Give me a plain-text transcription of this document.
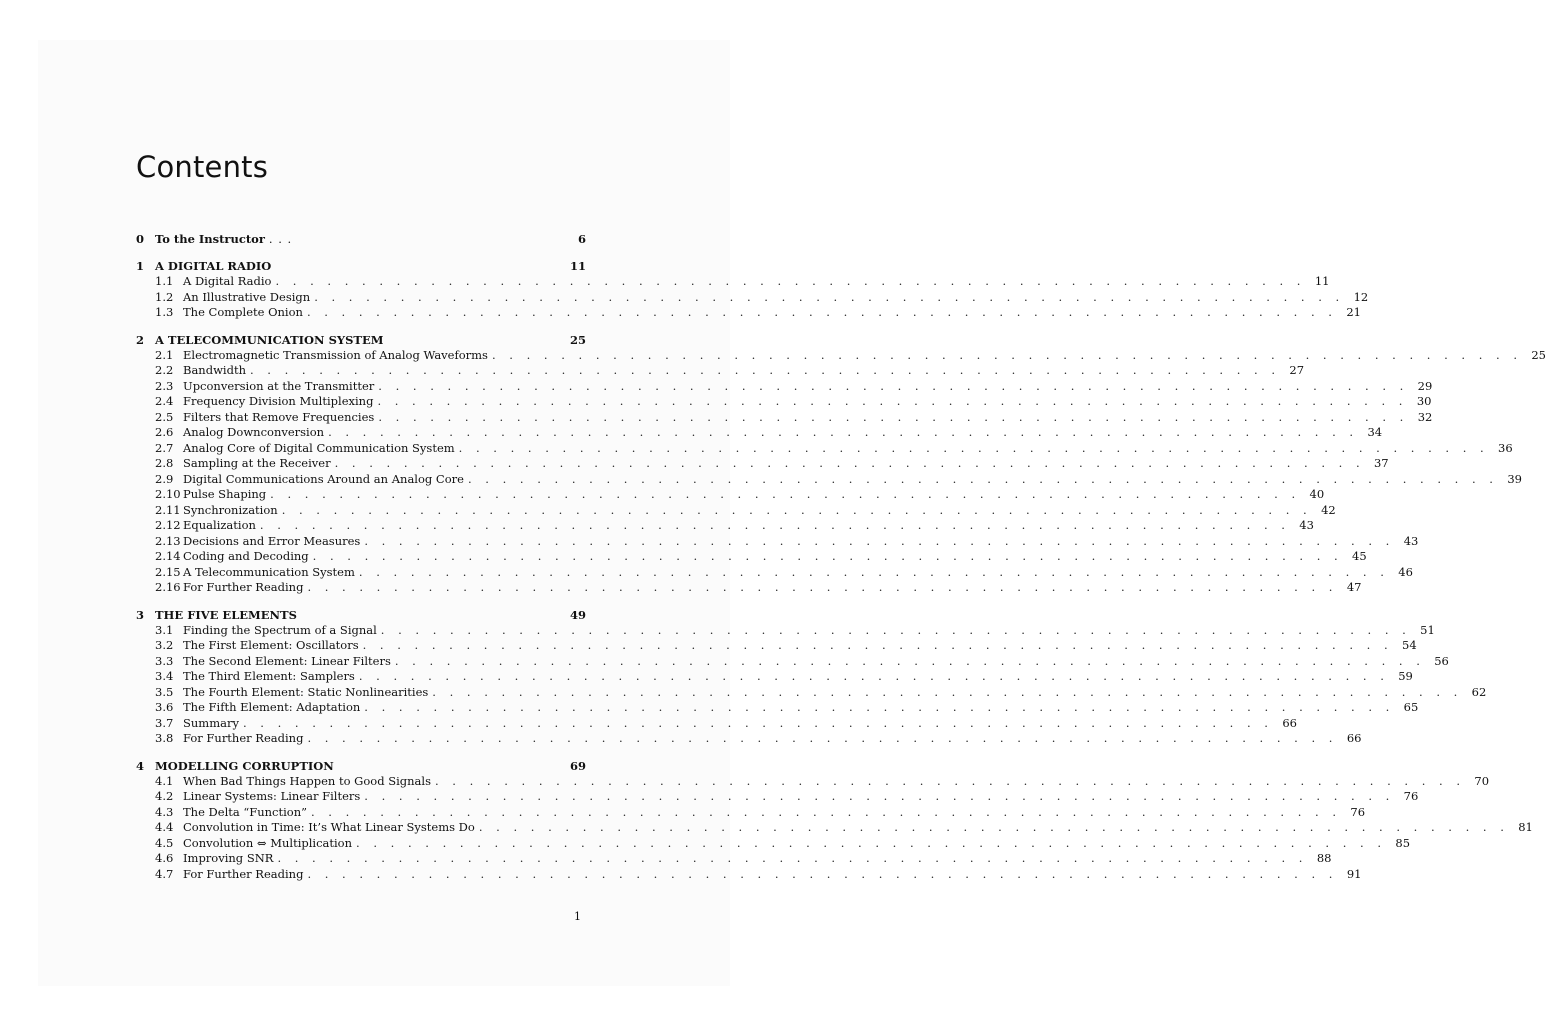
Contents
0 To the Instructor . . .	6
1 A DIGITAL RADIO	11
1.1 A Digital Radio . . . . . . . . . . . . . . . . . . . . . . . . . . . . . . . . . . . . . . . . . . . . . . . . . . . . . . . . . . . . 11
1.2 An Illustrative Design . . . . . . . . . . . . . . . . . . . . . . . . . . . . . . . . . . . . . . . . . . . . . . . . . . . . . . . . . . . . 12
1.3 The Complete Onion . . . . . . . . . . . . . . . . . . . . . . . . . . . . . . . . . . . . . . . . . . . . . . . . . . . . . . . . . . . . 21
2 A TELECOMMUNICATION SYSTEM	25
2.1 Electromagnetic Transmission of Analog Waveforms . . . . . . . . . . . . . . . . . . . . . . . . . . . . . . . . . . . . . . . . . . . . . . . . . . . . . . . . . . . . 25
2.2 Bandwidth . . . . . . . . . . . . . . . . . . . . . . . . . . . . . . . . . . . . . . . . . . . . . . . . . . . . . . . . . . . . 27
2.3 Upconversion at the Transmitter . . . . . . . . . . . . . . . . . . . . . . . . . . . . . . . . . . . . . . . . . . . . . . . . . . . . . . . . . . . . 29
2.4 Frequency Division Multiplexing . . . . . . . . . . . . . . . . . . . . . . . . . . . . . . . . . . . . . . . . . . . . . . . . . . . . . . . . . . . . 30
2.5 Filters that Remove Frequencies . . . . . . . . . . . . . . . . . . . . . . . . . . . . . . . . . . . . . . . . . . . . . . . . . . . . . . . . . . . . 32
2.6 Analog Downconversion . . . . . . . . . . . . . . . . . . . . . . . . . . . . . . . . . . . . . . . . . . . . . . . . . . . . . . . . . . . . 34
2.7 Analog Core of Digital Communication System . . . . . . . . . . . . . . . . . . . . . . . . . . . . . . . . . . . . . . . . . . . . . . . . . . . . . . . . . . . . 36
2.8 Sampling at the Receiver . . . . . . . . . . . . . . . . . . . . . . . . . . . . . . . . . . . . . . . . . . . . . . . . . . . . . . . . . . . . 37
2.9 Digital Communications Around an Analog Core . . . . . . . . . . . . . . . . . . . . . . . . . . . . . . . . . . . . . . . . . . . . . . . . . . . . . . . . . . . . 39
2.10 Pulse Shaping . . . . . . . . . . . . . . . . . . . . . . . . . . . . . . . . . . . . . . . . . . . . . . . . . . . . . . . . . . . . 40
2.11 Synchronization . . . . . . . . . . . . . . . . . . . . . . . . . . . . . . . . . . . . . . . . . . . . . . . . . . . . . . . . . . . . 42
2.12 Equalization . . . . . . . . . . . . . . . . . . . . . . . . . . . . . . . . . . . . . . . . . . . . . . . . . . . . . . . . . . . . 43
2.13 Decisions and Error Measures . . . . . . . . . . . . . . . . . . . . . . . . . . . . . . . . . . . . . . . . . . . . . . . . . . . . . . . . . . . . 43
2.14 Coding and Decoding . . . . . . . . . . . . . . . . . . . . . . . . . . . . . . . . . . . . . . . . . . . . . . . . . . . . . . . . . . . . 45
2.15 A Telecommunication System . . . . . . . . . . . . . . . . . . . . . . . . . . . . . . . . . . . . . . . . . . . . . . . . . . . . . . . . . . . . 46
2.16 For Further Reading . . . . . . . . . . . . . . . . . . . . . . . . . . . . . . . . . . . . . . . . . . . . . . . . . . . . . . . . . . . . 47
3 THE FIVE ELEMENTS	49
3.1 Finding the Spectrum of a Signal . . . . . . . . . . . . . . . . . . . . . . . . . . . . . . . . . . . . . . . . . . . . . . . . . . . . . . . . . . . . 51
3.2 The First Element: Oscillators . . . . . . . . . . . . . . . . . . . . . . . . . . . . . . . . . . . . . . . . . . . . . . . . . . . . . . . . . . . . 54
3.3 The Second Element: Linear Filters . . . . . . . . . . . . . . . . . . . . . . . . . . . . . . . . . . . . . . . . . . . . . . . . . . . . . . . . . . . . 56
3.4 The Third Element: Samplers . . . . . . . . . . . . . . . . . . . . . . . . . . . . . . . . . . . . . . . . . . . . . . . . . . . . . . . . . . . . 59
3.5 The Fourth Element: Static Nonlinearities . . . . . . . . . . . . . . . . . . . . . . . . . . . . . . . . . . . . . . . . . . . . . . . . . . . . . . . . . . . . 62
3.6 The Fifth Element: Adaptation . . . . . . . . . . . . . . . . . . . . . . . . . . . . . . . . . . . . . . . . . . . . . . . . . . . . . . . . . . . . 65
3.7 Summary . . . . . . . . . . . . . . . . . . . . . . . . . . . . . . . . . . . . . . . . . . . . . . . . . . . . . . . . . . . . 66
3.8 For Further Reading . . . . . . . . . . . . . . . . . . . . . . . . . . . . . . . . . . . . . . . . . . . . . . . . . . . . . . . . . . . . 66
4 MODELLING CORRUPTION	69
4.1 When Bad Things Happen to Good Signals . . . . . . . . . . . . . . . . . . . . . . . . . . . . . . . . . . . . . . . . . . . . . . . . . . . . . . . . . . . . 70
4.2 Linear Systems: Linear Filters . . . . . . . . . . . . . . . . . . . . . . . . . . . . . . . . . . . . . . . . . . . . . . . . . . . . . . . . . . . . 76
4.3 The Delta “Function” . . . . . . . . . . . . . . . . . . . . . . . . . . . . . . . . . . . . . . . . . . . . . . . . . . . . . . . . . . . . 76
4.4 Convolution in Time: It’s What Linear Systems Do . . . . . . . . . . . . . . . . . . . . . . . . . . . . . . . . . . . . . . . . . . . . . . . . . . . . . . . . . . . . 81
4.5 Convolution ⇔ Multiplication . . . . . . . . . . . . . . . . . . . . . . . . . . . . . . . . . . . . . . . . . . . . . . . . . . . . . . . . . . . . 85
4.6 Improving SNR . . . . . . . . . . . . . . . . . . . . . . . . . . . . . . . . . . . . . . . . . . . . . . . . . . . . . . . . . . . . 88
4.7 For Further Reading . . . . . . . . . . . . . . . . . . . . . . . . . . . . . . . . . . . . . . . . . . . . . . . . . . . . . . . . . . . . 91
1
